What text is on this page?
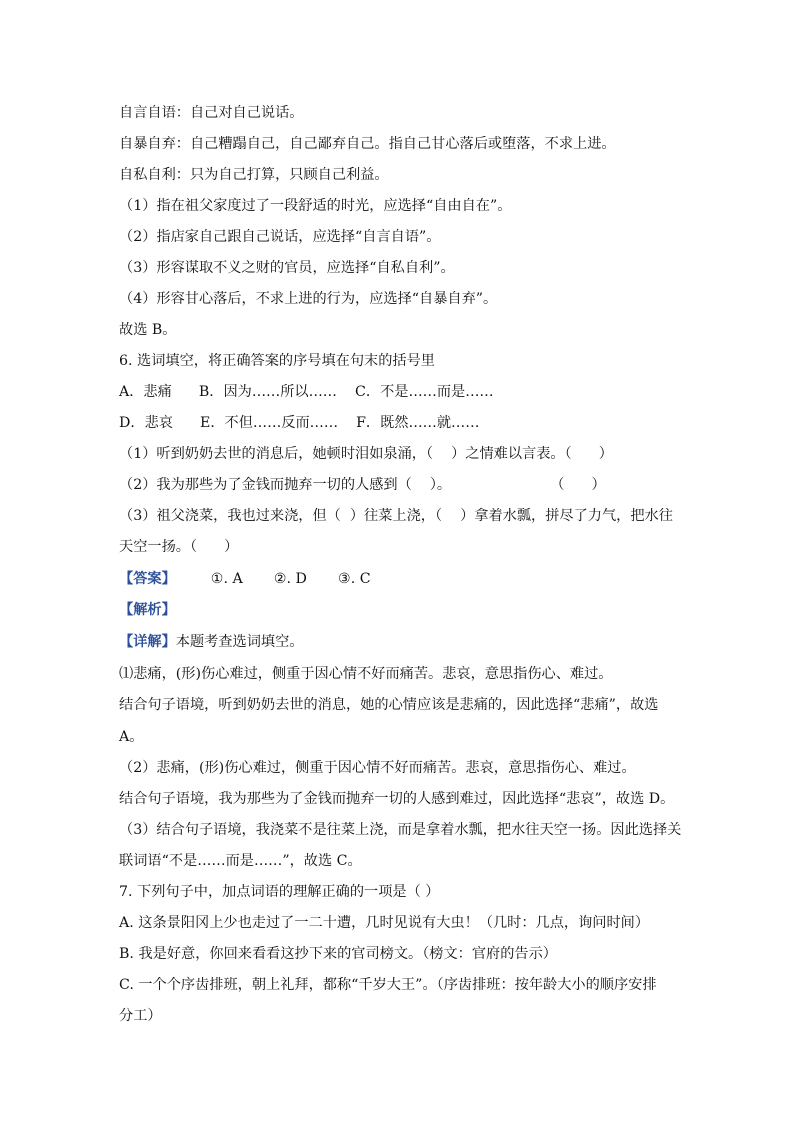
自言自语：自己对自己说话。
自暴自弃：自己糟蹋自己，自己鄙弃自己。指自己甘心落后或堕落，不求上进。
自私自利：只为自己打算，只顾自己利益。
（1）指在祖父家度过了一段舒适的时光，应选择“自由自在”。
（2）指店家自己跟自己说话，应选择“自言自语”。
（3）形容谋取不义之财的官员，应选择“自私自利”。
（4）形容甘心落后，不求上进的行为，应选择“自暴自弃”。
故选 B。
6. 选词填空，将正确答案的序号填在句末的括号里
A．悲痛      B．因为……所以……    C．不是……而是……
D．悲哀      E．不但……反而……    F．既然……就……
（1）听到奶奶去世的消息后，她顿时泪如泉涌，（    ）之情难以言表。（      ）
（2）我为那些为了金钱而抛弃一切的人感到（    ）。                      （      ）
（3）祖父浇菜，我也过来浇，但（  ）往菜上浇，（    ）拿着水瓢，拼尽了力气，把水往
天空一扬。（      ）
【答案】 ①. A ②. D ③. C
【解析】
【详解】本题考查选词填空。
⑴悲痛，(形)伤心难过，侧重于因心情不好而痛苦。悲哀，意思指伤心、难过。
结合句子语境，听到奶奶去世的消息，她的心情应该是悲痛的，因此选择“悲痛”，故选
A。
（2）悲痛，(形)伤心难过，侧重于因心情不好而痛苦。悲哀，意思指伤心、难过。
结合句子语境，我为那些为了金钱而抛弃一切的人感到难过，因此选择“悲哀”，故选 D。
（3）结合句子语境，我浇菜不是往菜上浇，而是拿着水瓢，把水往天空一扬。因此选择关
联词语“不是……而是……”，故选 C。
7. 下列句子中，加点词语的理解正确的一项是（ ）
A. 这条景阳冈上少也走过了一二十遭，几时见说有大虫！（几时：几点，询问时间）
B. 我是好意，你回来看看这抄下来的官司榜文。（榜文：官府的告示）
C. 一个个序齿排班，朝上礼拜，都称“千岁大王”。（序齿排班：按年龄大小的顺序安排
分工）
